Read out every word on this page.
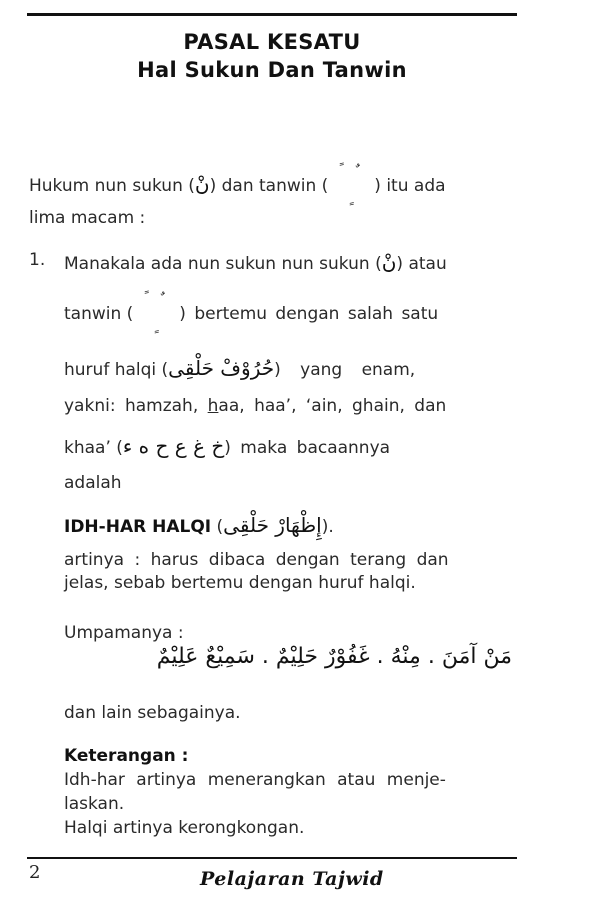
PASAL KESATU
Hal Sukun Dan Tanwin
Hukum nun sukun (نْ) dan tanwin (	) itu ada
lima macam :
1. Manakala ada nun sukun nun sukun (نْ) atau
tanwin (	) bertemu dengan salah satu
huruf halqi (حُرُوْفْ حَلْقِى) yang enam,
yakni: hamzah, haa, haa’, ‘ain, ghain, dan
khaa’ (خ غ ع ح ه ء) maka bacaannya
adalah
IDH-HAR HALQI (إِظْهَارْ حَلْقِى).
artinya : harus dibaca dengan terang dan
jelas, sebab bertemu dengan huruf halqi.
Umpamanya :
مَنْ آمَنَ . مِنْهُ . غَفُوْرٌ حَلِيْمٌ . سَمِيْعٌ عَلِيْمٌ
dan lain sebagainya.
Keterangan :
Idh-har artinya menerangkan atau menje-
laskan.
Halqi artinya kerongkongan.
2	Pelajaran Tajwid
